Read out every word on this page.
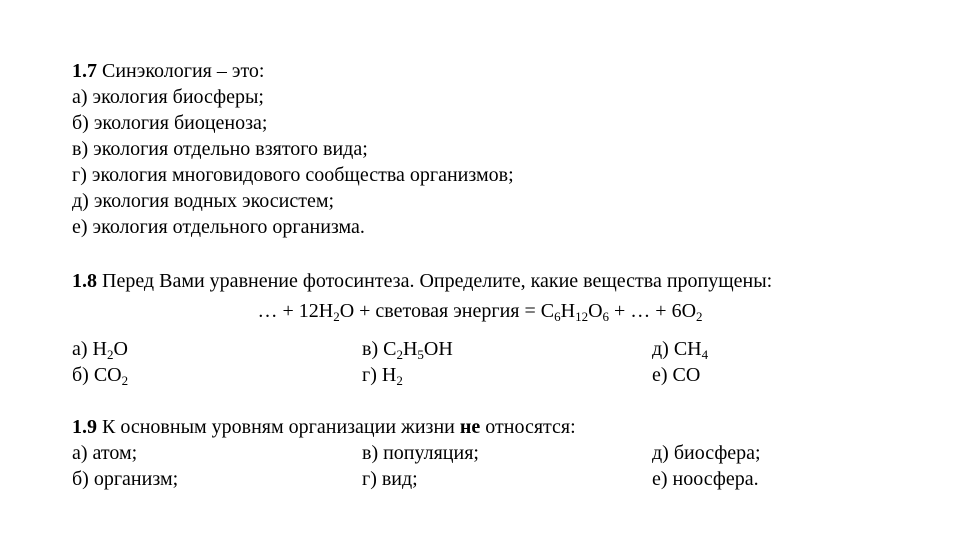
1.7 Синэкология – это:
а) экология биосферы;
б) экология биоценоза;
в) экология отдельно взятого вида;
г) экология многовидового сообщества организмов;
д) экология водных экосистем;
е) экология отдельного организма.
1.8 Перед Вами уравнение фотосинтеза. Определите, какие вещества пропущены:
… + $12H_2O$ + световая энергия = $C_6H_{12}O_6$ + … + $6O_2$
а) $H_2O$	в) $C_2H_5OH$	д) $CH_4$
б) $CO_2$	г) $H_2$	е) CO
1.9 К основным уровням организации жизни не относятся:
а) атом;	в) популяция;	д) биосфера;
б) организм;	г) вид;	е) ноосфера.
